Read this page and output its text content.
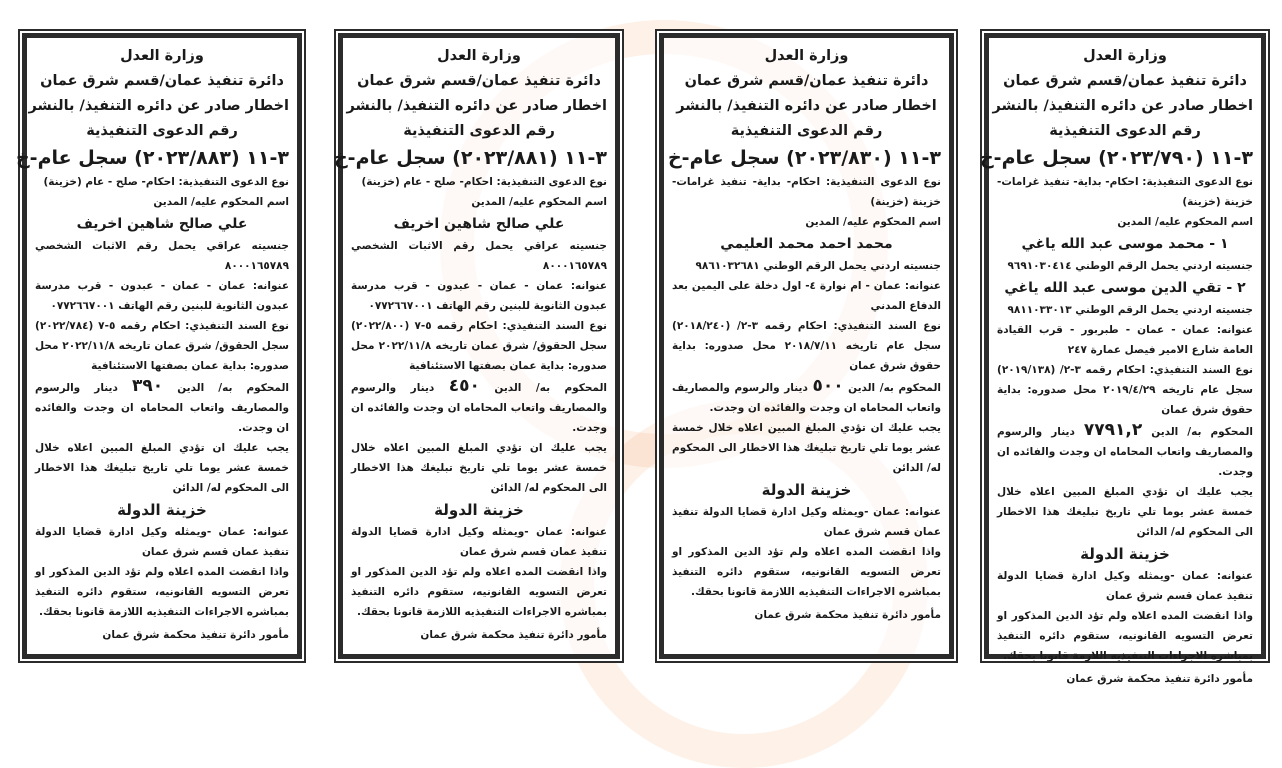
وزارة العدل
دائرة تنفيذ عمان/قسم شرق عمان
اخطار صادر عن دائره التنفيذ/ بالنشر
رقم الدعوى التنفيذية
٣-١١ (٢٠٢٣/٧٩٠) سجل عام-خ
نوع الدعوى التنفيذية: احكام- بداية- تنفيذ غرامات- خزينة (خزينة)
اسم المحكوم عليه/ المدين
١ - محمد موسى عبد الله ياغي
جنسيته اردني يحمل الرقم الوطني ٩٦٩١٠٣٠٤١٤
٢ - تقي الدين موسى عبد الله ياغي
جنسيته اردني يحمل الرقم الوطني ٩٨١١٠٣٣٠١٣
عنوانه: عمان - عمان - طبربور - قرب القيادة العامة شارع الامير فيصل عمارة ٢٤٧
نوع السند التنفيذي: احكام رقمه ٣-٢/ (٢٠١٩/١٣٨) سجل عام تاريخه ٢٠١٩/٤/٢٩ محل صدوره: بداية حقوق شرق عمان
المحكوم به/ الدين ٧٧٩١,٢ دينار والرسوم والمصاريف واتعاب المحاماه ان وجدت والفائده ان وجدت.
يجب عليك ان تؤدي المبلغ المبين اعلاه خلال خمسة عشر يوما تلي تاريخ تبليغك هذا الاخطار الى المحكوم له/ الدائن
خزينة الدولة
عنوانه: عمان -ويمثله وكيل ادارة قضايا الدولة تنفيذ عمان قسم شرق عمان
واذا انقضت المده اعلاه ولم تؤد الدين المذكور او تعرض التسويه القانونيه، ستقوم دائره التنفيذ بمباشره الاجراءات التنفيذيه اللازمة قانونا بحقك.
مأمور دائرة تنفيذ محكمة شرق عمان
وزارة العدل
دائرة تنفيذ عمان/قسم شرق عمان
اخطار صادر عن دائره التنفيذ/ بالنشر
رقم الدعوى التنفيذية
٣-١١ (٢٠٢٣/٨٣٠) سجل عام-خ
نوع الدعوى التنفيذية: احكام- بداية- تنفيذ غرامات- خزينة (خزينة)
اسم المحكوم عليه/ المدين
محمد احمد محمد العليمي
جنسيته اردني يحمل الرقم الوطني ٩٨٦١٠٣٢٦٨١
عنوانه: عمان - ام نوارة ٤- اول دخلة على اليمين بعد الدفاع المدني
نوع السند التنفيذي: احكام رقمه ٣-٢/ (٢٠١٨/٢٤٠) سجل عام تاريخه ٢٠١٨/٧/١١ محل صدوره: بداية حقوق شرق عمان
المحكوم به/ الدين ٥٠٠ دينار والرسوم والمصاريف واتعاب المحاماه ان وجدت والفائده ان وجدت.
يجب عليك ان تؤدي المبلغ المبين اعلاه خلال خمسة عشر يوما تلي تاريخ تبليغك هذا الاخطار الى المحكوم له/ الدائن
خزينة الدولة
عنوانه: عمان -ويمثله وكيل ادارة قضايا الدولة تنفيذ عمان قسم شرق عمان
واذا انقضت المده اعلاه ولم تؤد الدين المذكور او تعرض التسويه القانونيه، ستقوم دائره التنفيذ بمباشره الاجراءات التنفيذيه اللازمة قانونا بحقك.
مأمور دائرة تنفيذ محكمة شرق عمان
وزارة العدل
دائرة تنفيذ عمان/قسم شرق عمان
اخطار صادر عن دائره التنفيذ/ بالنشر
رقم الدعوى التنفيذية
٣-١١ (٢٠٢٣/٨٨١) سجل عام-خ
نوع الدعوى التنفيذية: احكام- صلح - عام (خزينة)
اسم المحكوم عليه/ المدين
علي صالح شاهين اخريف
جنسيته عراقي يحمل رقم الاثبات الشخصي ٨٠٠٠١٦٥٧٨٩
عنوانه: عمان - عمان - عبدون - قرب مدرسة عبدون الثانوية للبنين رقم الهاتف ٠٧٧٢٦٦٧٠٠١
نوع السند التنفيذي: احكام رقمه ٥-٧ (٢٠٢٢/٨٠٠) سجل الحقوق/ شرق عمان تاريخه ٢٠٢٢/١١/٨ محل صدوره: بداية عمان بصفتها الاستئنافية
المحكوم به/ الدين ٤٥٠ دينار والرسوم والمصاريف واتعاب المحاماه ان وجدت والفائده ان وجدت.
يجب عليك ان تؤدي المبلغ المبين اعلاه خلال خمسة عشر يوما تلي تاريخ تبليغك هذا الاخطار الى المحكوم له/ الدائن
خزينة الدولة
عنوانه: عمان -ويمثله وكيل ادارة قضايا الدولة تنفيذ عمان قسم شرق عمان
واذا انقضت المده اعلاه ولم تؤد الدين المذكور او تعرض التسويه القانونيه، ستقوم دائره التنفيذ بمباشره الاجراءات التنفيذيه اللازمة قانونا بحقك.
مأمور دائرة تنفيذ محكمة شرق عمان
وزارة العدل
دائرة تنفيذ عمان/قسم شرق عمان
اخطار صادر عن دائره التنفيذ/ بالنشر
رقم الدعوى التنفيذية
٣-١١ (٢٠٢٣/٨٨٣) سجل عام-خ
نوع الدعوى التنفيذية: احكام- صلح - عام (خزينة)
اسم المحكوم عليه/ المدين
علي صالح شاهين اخريف
جنسيته عراقي يحمل رقم الاثبات الشخصي ٨٠٠٠١٦٥٧٨٩
عنوانه: عمان - عمان - عبدون - قرب مدرسة عبدون الثانوية للبنين رقم الهاتف ٠٧٧٢٦٦٧٠٠١
نوع السند التنفيذي: احكام رقمه ٥-٧ (٢٠٢٢/٧٨٤) سجل الحقوق/ شرق عمان تاريخه ٢٠٢٢/١١/٨ محل صدوره: بداية عمان بصفتها الاستئنافية
المحكوم به/ الدين ٣٩٠ دينار والرسوم والمصاريف واتعاب المحاماه ان وجدت والفائده ان وجدت.
يجب عليك ان تؤدي المبلغ المبين اعلاه خلال خمسة عشر يوما تلي تاريخ تبليغك هذا الاخطار الى المحكوم له/ الدائن
خزينة الدولة
عنوانه: عمان -ويمثله وكيل ادارة قضايا الدولة تنفيذ عمان قسم شرق عمان
واذا انقضت المده اعلاه ولم تؤد الدين المذكور او تعرض التسويه القانونيه، ستقوم دائره التنفيذ بمباشره الاجراءات التنفيذيه اللازمة قانونا بحقك.
مأمور دائرة تنفيذ محكمة شرق عمان
